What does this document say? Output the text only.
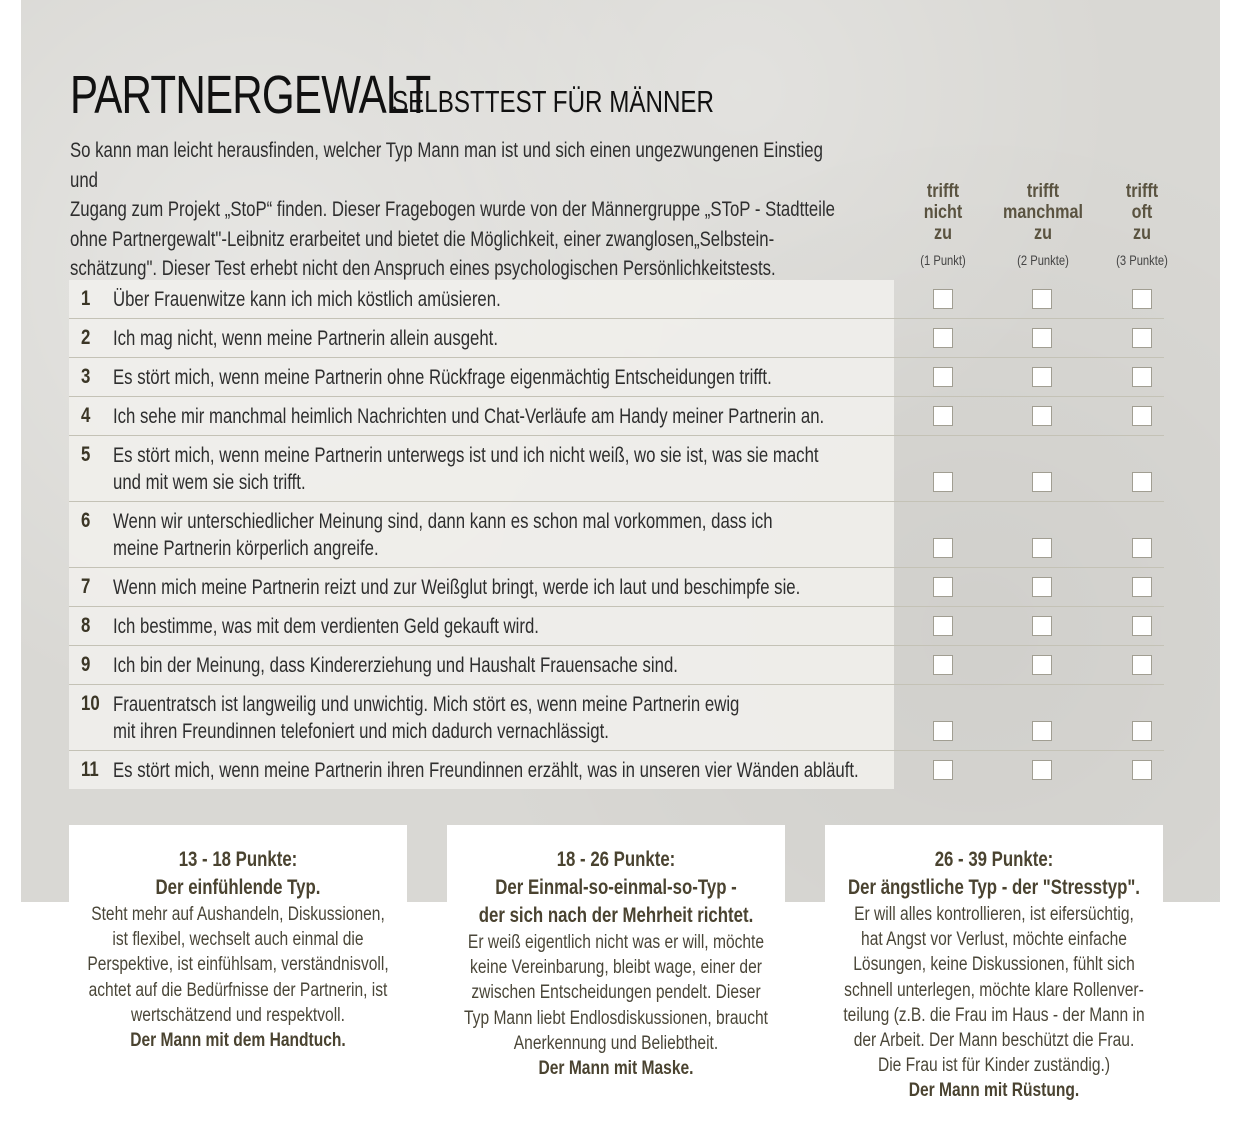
PARTNERGEWALT
SELBSTTEST FÜR MÄNNER
So kann man leicht herausfinden, welcher Typ Mann man ist und sich einen ungezwungenen Einstieg und
Zugang zum Projekt „StoP“ finden. Dieser Fragebogen wurde von der Männergruppe „SToP - Stadtteile
ohne Partnergewalt"-Leibnitz erarbeitet und bietet die Möglichkeit, einer zwanglosen„Selbstein-
schätzung". Dieser Test erhebt nicht den Anspruch eines psychologischen Persönlichkeitstests.
trifft
nicht
zu
(1 Punkt)
trifft
manchmal
zu
(2 Punkte)
trifft
oft
zu
(3 Punkte)
1 Über Frauenwitze kann ich mich köstlich amüsieren.
2 Ich mag nicht, wenn meine Partnerin allein ausgeht.
3 Es stört mich, wenn meine Partnerin ohne Rückfrage eigenmächtig Entscheidungen trifft.
4 Ich sehe mir manchmal heimlich Nachrichten und Chat-Verläufe am Handy meiner Partnerin an.
5 Es stört mich, wenn meine Partnerin unterwegs ist und ich nicht weiß, wo sie ist, was sie macht
und mit wem sie sich trifft.
6 Wenn wir unterschiedlicher Meinung sind, dann kann es schon mal vorkommen, dass ich
meine Partnerin körperlich angreife.
7 Wenn mich meine Partnerin reizt und zur Weißglut bringt, werde ich laut und beschimpfe sie.
8 Ich bestimme, was mit dem verdienten Geld gekauft wird.
9 Ich bin der Meinung, dass Kindererziehung und Haushalt Frauensache sind.
10 Frauentratsch ist langweilig und unwichtig. Mich stört es, wenn meine Partnerin ewig
mit ihren Freundinnen telefoniert und mich dadurch vernachlässigt.
11 Es stört mich, wenn meine Partnerin ihren Freundinnen erzählt, was in unseren vier Wänden abläuft.
13 - 18 Punkte:
Der einfühlende Typ.
Steht mehr auf Aushandeln, Diskussionen,
ist flexibel, wechselt auch einmal die
Perspektive, ist einfühlsam, verständnisvoll,
achtet auf die Bedürfnisse der Partnerin, ist
wertschätzend und respektvoll.
Der Mann mit dem Handtuch.
18 - 26 Punkte:
Der Einmal-so-einmal-so-Typ -
der sich nach der Mehrheit richtet.
Er weiß eigentlich nicht was er will, möchte
keine Vereinbarung, bleibt wage, einer der
zwischen Entscheidungen pendelt. Dieser
Typ Mann liebt Endlosdiskussionen, braucht
Anerkennung und Beliebtheit.
Der Mann mit Maske.
26 - 39 Punkte:
Der ängstliche Typ - der "Stresstyp".
Er will alles kontrollieren, ist eifersüchtig,
hat Angst vor Verlust, möchte einfache
Lösungen, keine Diskussionen, fühlt sich
schnell unterlegen, möchte klare Rollenver-
teilung (z.B. die Frau im Haus - der Mann in
der Arbeit. Der Mann beschützt die Frau.
Die Frau ist für Kinder zuständig.)
Der Mann mit Rüstung.
